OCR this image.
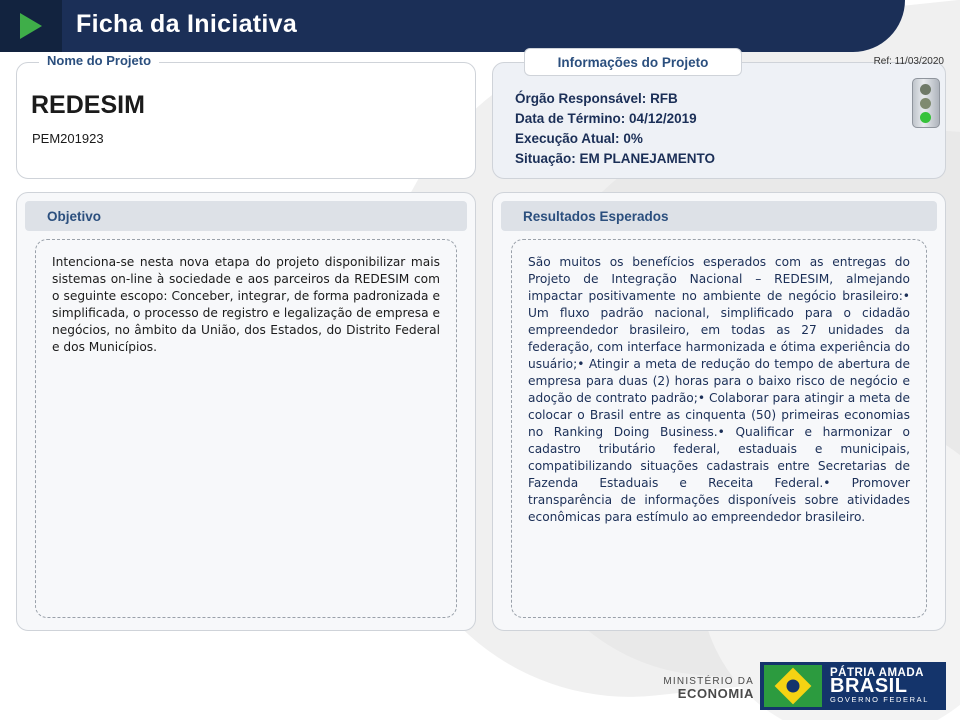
Ficha da Iniciativa
Ref: 11/03/2020
Nome do Projeto
REDESIM
PEM201923
Órgão Responsável: RFB
Data de Término: 04/12/2019
Execução Atual: 0%
Situação: EM PLANEJAMENTO
Informações do Projeto
Objetivo
Intenciona-se nesta nova etapa do projeto disponibilizar mais sistemas on-line à sociedade e aos parceiros da REDESIM com o seguinte escopo: Conceber, integrar, de forma padronizada e simplificada, o processo de registro e legalização de empresa e negócios, no âmbito da União, dos Estados, do Distrito Federal e dos Municípios.
Resultados Esperados
São muitos os benefícios esperados com as entregas do Projeto de Integração Nacional – REDESIM, almejando impactar positivamente no ambiente de negócio brasileiro:• Um fluxo padrão nacional, simplificado para o cidadão empreendedor brasileiro, em todas as 27 unidades da federação, com interface harmonizada e ótima experiência do usuário;• Atingir a meta de redução do tempo de abertura de empresa para duas (2) horas para o baixo risco de negócio e adoção de contrato padrão;• Colaborar para atingir a meta de colocar o Brasil entre as cinquenta (50) primeiras economias no Ranking Doing Business.• Qualificar e harmonizar o cadastro tributário federal, estaduais e municipais, compatibilizando situações cadastrais entre Secretarias de Fazenda Estaduais e Receita Federal.• Promover transparência de informações disponíveis sobre atividades econômicas para estímulo ao empreendedor brasileiro.
MINISTÉRIO DA
ECONOMIA
PÁTRIA AMADA
BRASIL
GOVERNO FEDERAL
